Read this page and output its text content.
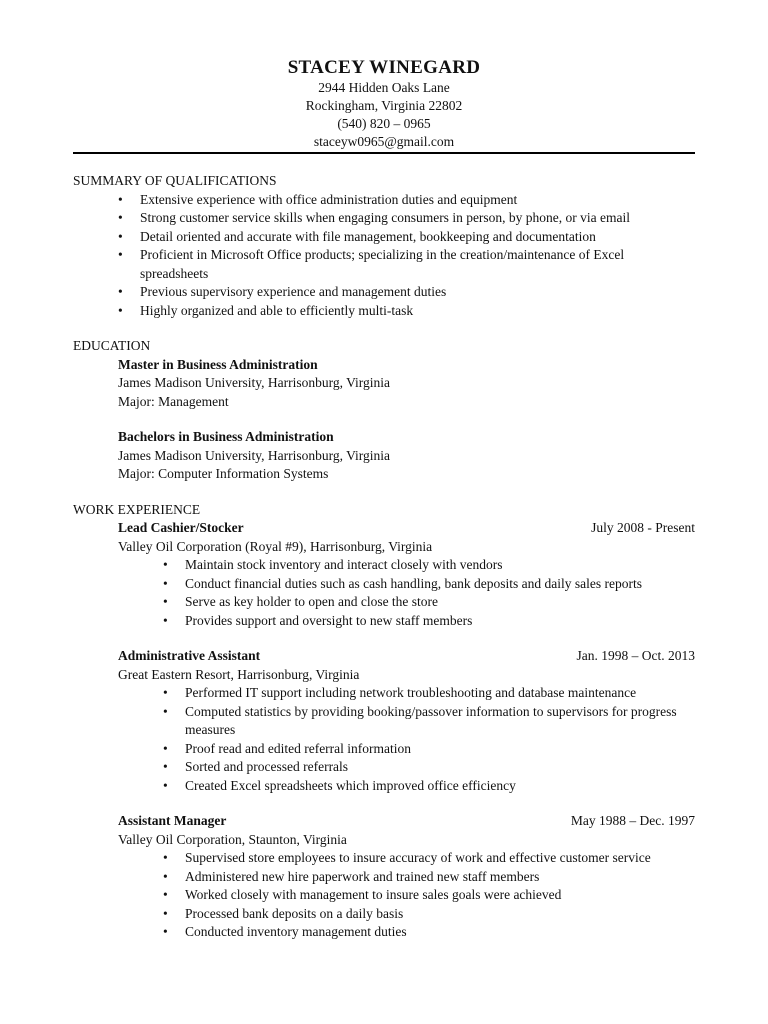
STACEY WINEGARD
2944 Hidden Oaks Lane
Rockingham, Virginia 22802
(540) 820 – 0965
staceyw0965@gmail.com
SUMMARY OF QUALIFICATIONS
• Extensive experience with office administration duties and equipment
• Strong customer service skills when engaging consumers in person, by phone, or via email
• Detail oriented and accurate with file management, bookkeeping and documentation
• Proficient in Microsoft Office products; specializing in the creation/maintenance of Excel spreadsheets
• Previous supervisory experience and management duties
• Highly organized and able to efficiently multi-task
EDUCATION
Master in Business Administration
James Madison University, Harrisonburg, Virginia
Major: Management
Bachelors in Business Administration
James Madison University, Harrisonburg, Virginia
Major: Computer Information Systems
WORK EXPERIENCE
Lead Cashier/Stocker	July 2008 - Present
Valley Oil Corporation (Royal #9), Harrisonburg, Virginia
• Maintain stock inventory and interact closely with vendors
• Conduct financial duties such as cash handling, bank deposits and daily sales reports
• Serve as key holder to open and close the store
• Provides support and oversight to new staff members
Administrative Assistant	Jan. 1998 – Oct. 2013
Great Eastern Resort, Harrisonburg, Virginia
• Performed IT support including network troubleshooting and database maintenance
• Computed statistics by providing booking/passover information to supervisors for progress measures
• Proof read and edited referral information
• Sorted and processed referrals
• Created Excel spreadsheets which improved office efficiency
Assistant Manager	May 1988 – Dec. 1997
Valley Oil Corporation, Staunton, Virginia
• Supervised store employees to insure accuracy of work and effective customer service
• Administered new hire paperwork and trained new staff members
• Worked closely with management to insure sales goals were achieved
• Processed bank deposits on a daily basis
• Conducted inventory management duties
